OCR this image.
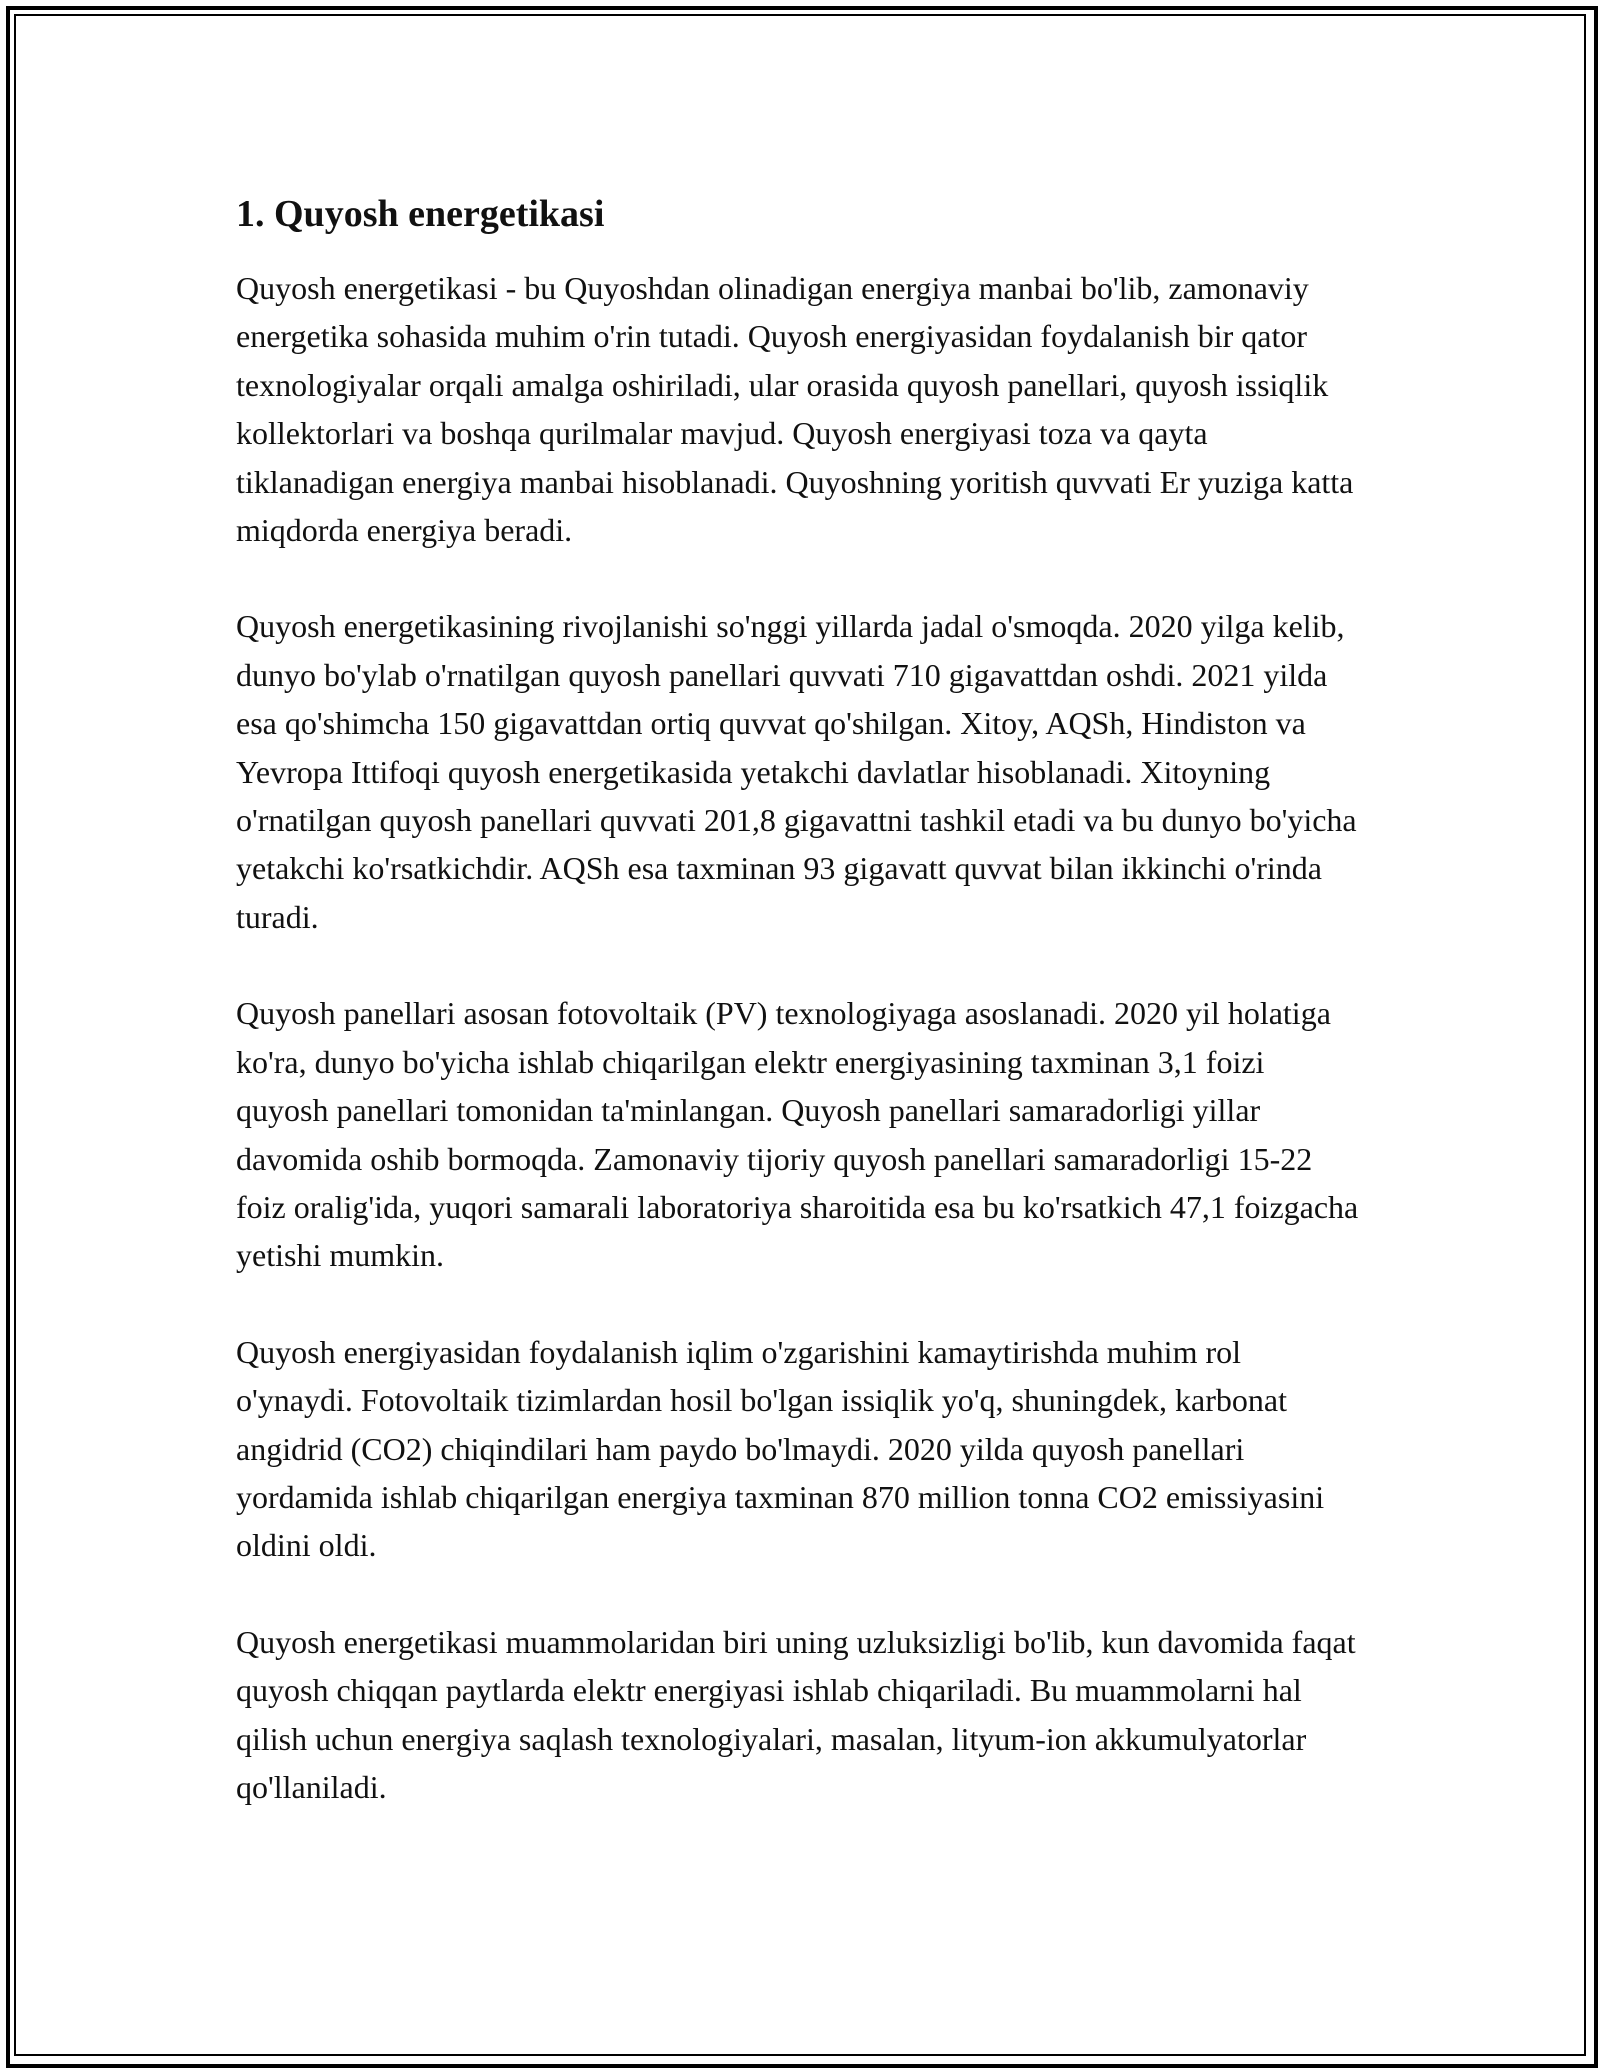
1. Quyosh energetikasi

Quyosh energetikasi - bu Quyoshdan olinadigan energiya manbai bo'lib, zamonaviy energetika sohasida muhim o'rin tutadi. Quyosh energiyasidan foydalanish bir qator texnologiyalar orqali amalga oshiriladi, ular orasida quyosh panellari, quyosh issiqlik kollektorlari va boshqa qurilmalar mavjud. Quyosh energiyasi toza va qayta tiklanadigan energiya manbai hisoblanadi. Quyoshning yoritish quvvati Er yuziga katta miqdorda energiya beradi.

Quyosh energetikasining rivojlanishi so'nggi yillarda jadal o'smoqda. 2020 yilga kelib, dunyo bo'ylab o'rnatilgan quyosh panellari quvvati 710 gigavattdan oshdi. 2021 yilda esa qo'shimcha 150 gigavattdan ortiq quvvat qo'shilgan. Xitoy, AQSh, Hindiston va Yevropa Ittifoqi quyosh energetikasida yetakchi davlatlar hisoblanadi. Xitoyning o'rnatilgan quyosh panellari quvvati 201,8 gigavattni tashkil etadi va bu dunyo bo'yicha yetakchi ko'rsatkichdir. AQSh esa taxminan 93 gigavatt quvvat bilan ikkinchi o'rinda turadi.

Quyosh panellari asosan fotovoltaik (PV) texnologiyaga asoslanadi. 2020 yil holatiga ko'ra, dunyo bo'yicha ishlab chiqarilgan elektr energiyasining taxminan 3,1 foizi quyosh panellari tomonidan ta'minlangan. Quyosh panellari samaradorligi yillar davomida oshib bormoqda. Zamonaviy tijoriy quyosh panellari samaradorligi 15-22 foiz oralig'ida, yuqori samarali laboratoriya sharoitida esa bu ko'rsatkich 47,1 foizgacha yetishi mumkin.

Quyosh energiyasidan foydalanish iqlim o'zgarishini kamaytirishda muhim rol o'ynaydi. Fotovoltaik tizimlardan hosil bo'lgan issiqlik yo'q, shuningdek, karbonat angidrid (CO2) chiqindilari ham paydo bo'lmaydi. 2020 yilda quyosh panellari yordamida ishlab chiqarilgan energiya taxminan 870 million tonna CO2 emissiyasini oldini oldi.

Quyosh energetikasi muammolaridan biri uning uzluksizligi bo'lib, kun davomida faqat quyosh chiqqan paytlarda elektr energiyasi ishlab chiqariladi. Bu muammolarni hal qilish uchun energiya saqlash texnologiyalari, masalan, lityum-ion akkumulyatorlar qo'llaniladi.
